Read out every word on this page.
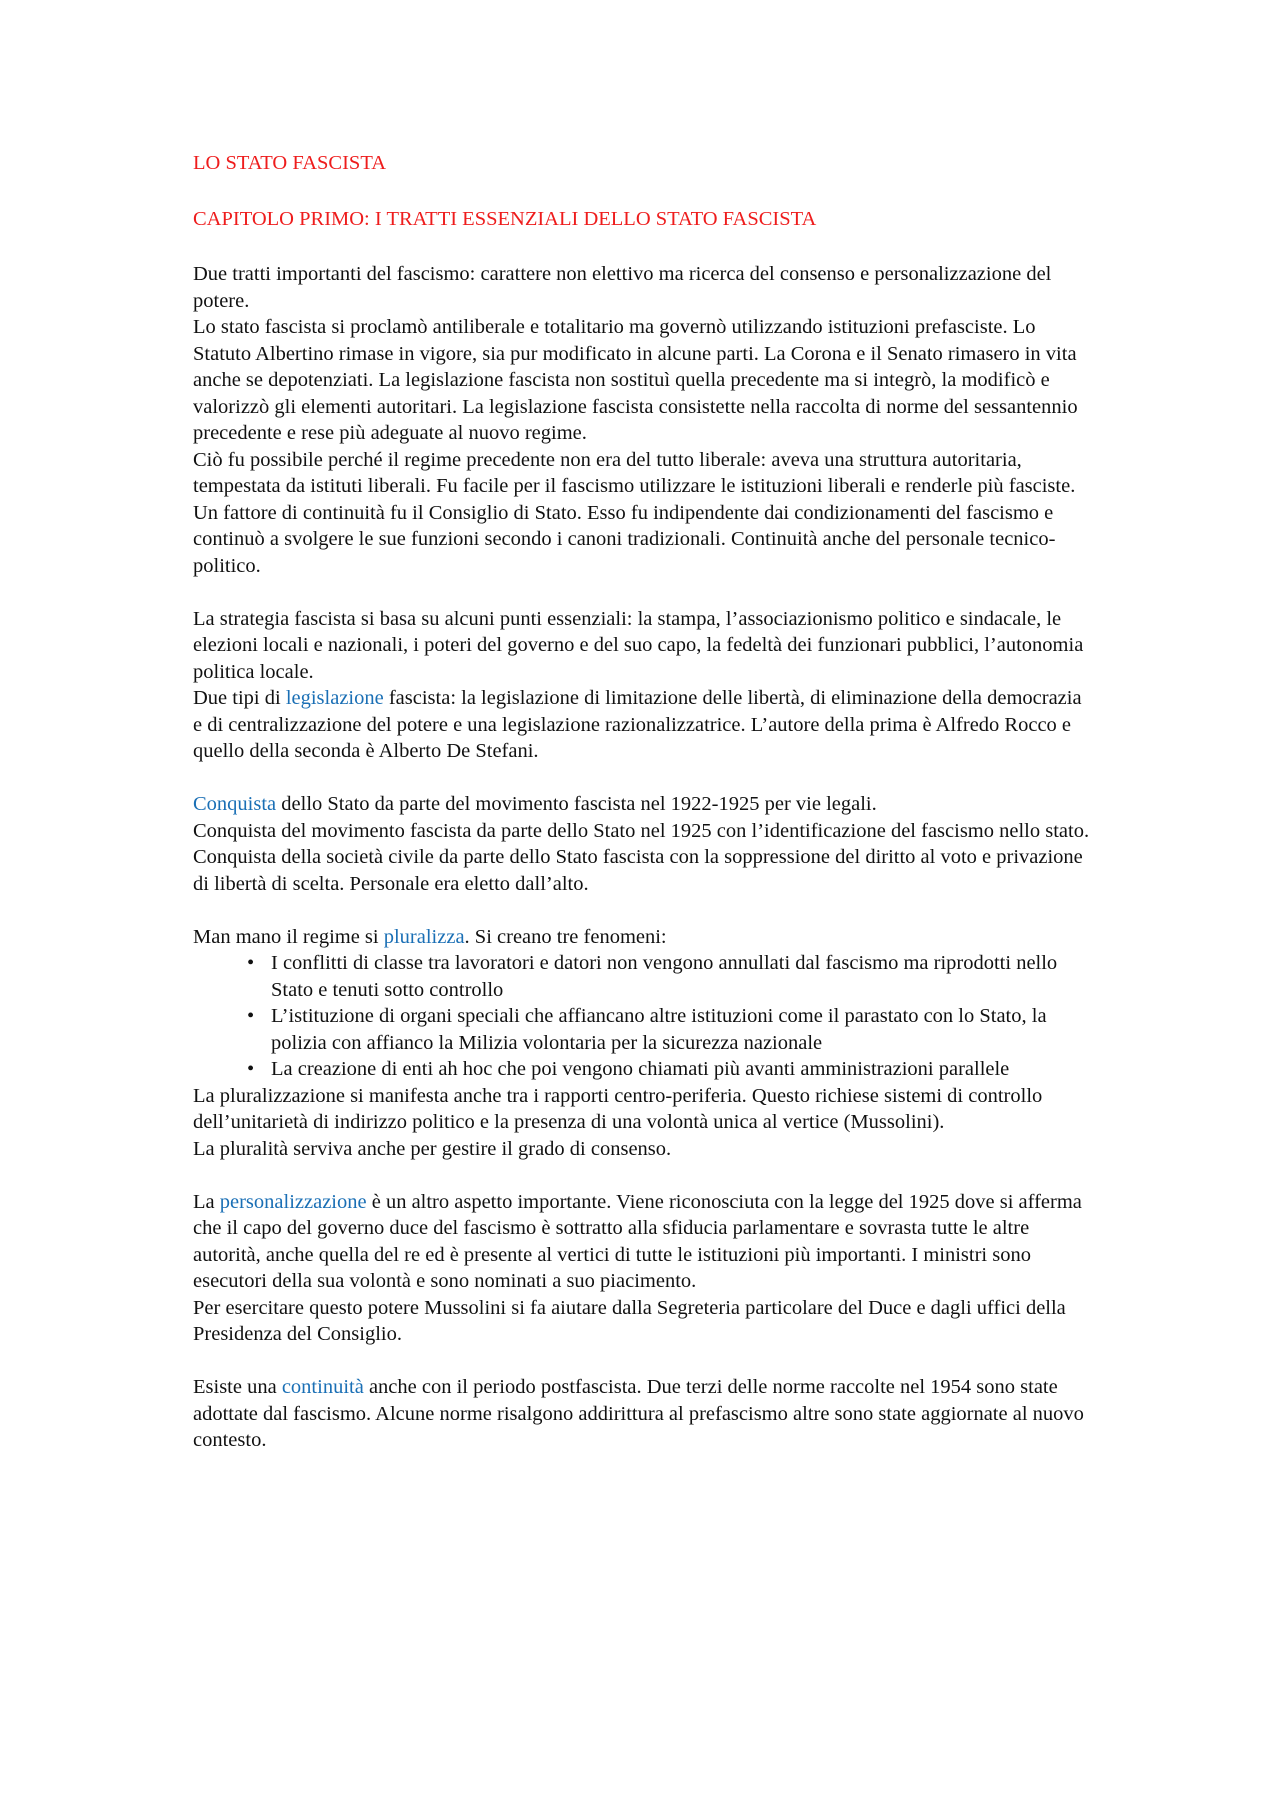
LO STATO FASCISTA
CAPITOLO PRIMO: I TRATTI ESSENZIALI DELLO STATO FASCISTA

Due tratti importanti del fascismo: carattere non elettivo ma ricerca del consenso e personalizzazione del potere.

Lo stato fascista si proclamò antiliberale e totalitario ma governò utilizzando istituzioni prefasciste. Lo Statuto Albertino rimase in vigore, sia pur modificato in alcune parti. La Corona e il Senato rimasero in vita anche se depotenziati. La legislazione fascista non sostituì quella precedente ma si integrò, la modificò e valorizzò gli elementi autoritari. La legislazione fascista consistette nella raccolta di norme del sessantennio precedente e rese più adeguate al nuovo regime.

Ciò fu possibile perché il regime precedente non era del tutto liberale: aveva una struttura autoritaria, tempestata da istituti liberali. Fu facile per il fascismo utilizzare le istituzioni liberali e renderle più fasciste.

Un fattore di continuità fu il Consiglio di Stato. Esso fu indipendente dai condizionamenti del fascismo e continuò a svolgere le sue funzioni secondo i canoni tradizionali. Continuità anche del personale tecnico-politico.

La strategia fascista si basa su alcuni punti essenziali: la stampa, l’associazionismo politico e sindacale, le elezioni locali e nazionali, i poteri del governo e del suo capo, la fedeltà dei funzionari pubblici, l’autonomia politica locale.

Due tipi di legislazione fascista: la legislazione di limitazione delle libertà, di eliminazione della democrazia e di centralizzazione del potere e una legislazione razionalizzatrice. L’autore della prima è Alfredo Rocco e quello della seconda è Alberto De Stefani.

Conquista dello Stato da parte del movimento fascista nel 1922-1925 per vie legali.

Conquista del movimento fascista da parte dello Stato nel 1925 con l’identificazione del fascismo nello stato.

Conquista della società civile da parte dello Stato fascista con la soppressione del diritto al voto e privazione di libertà di scelta. Personale era eletto dall’alto.

Man mano il regime si pluralizza. Si creano tre fenomeni:

• I conflitti di classe tra lavoratori e datori non vengono annullati dal fascismo ma riprodotti nello Stato e tenuti sotto controllo
• L’istituzione di organi speciali che affiancano altre istituzioni come il parastato con lo Stato, la polizia con affianco la Milizia volontaria per la sicurezza nazionale
• La creazione di enti ah hoc che poi vengono chiamati più avanti amministrazioni parallele

La pluralizzazione si manifesta anche tra i rapporti centro-periferia. Questo richiese sistemi di controllo dell’unitarietà di indirizzo politico e la presenza di una volontà unica al vertice (Mussolini).

La pluralità serviva anche per gestire il grado di consenso.

La personalizzazione è un altro aspetto importante. Viene riconosciuta con la legge del 1925 dove si afferma che il capo del governo duce del fascismo è sottratto alla sfiducia parlamentare e sovrasta tutte le altre autorità, anche quella del re ed è presente al vertici di tutte le istituzioni più importanti. I ministri sono esecutori della sua volontà e sono nominati a suo piacimento.

Per esercitare questo potere Mussolini si fa aiutare dalla Segreteria particolare del Duce e dagli uffici della Presidenza del Consiglio.

Esiste una continuità anche con il periodo postfascista. Due terzi delle norme raccolte nel 1954 sono state adottate dal fascismo. Alcune norme risalgono addirittura al prefascismo altre sono state aggiornate al nuovo contesto.
